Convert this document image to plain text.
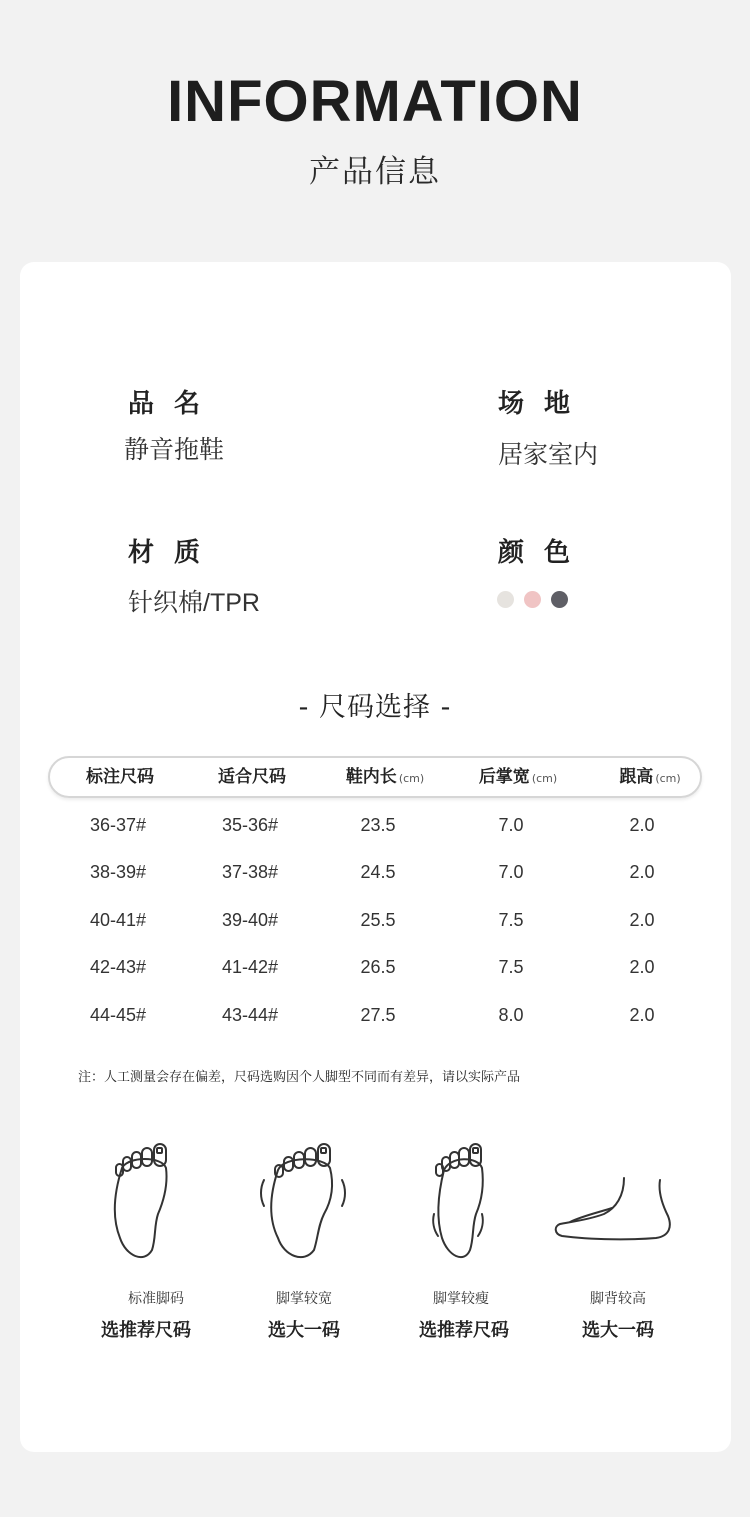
INFORMATION
产品信息
品名
静音拖鞋
场地
居家室内
材质
针织棉/TPR
颜色
- 尺码选择 -
标注尺码	适合尺码	鞋内长 (cm)	后掌宽 (cm)	跟高 (cm)
36-37#	35-36#	23.5	7.0	2.0
38-39#	37-38#	24.5	7.0	2.0
40-41#	39-40#	25.5	7.5	2.0
42-43#	41-42#	26.5	7.5	2.0
44-45#	43-44#	27.5	8.0	2.0
注：人工测量会存在偏差，尺码选购因个人脚型不同而有差异，请以实际产品
标准脚码
选推荐尺码
脚掌较宽
选大一码
脚掌较瘦
选推荐尺码
脚背较高
选大一码
